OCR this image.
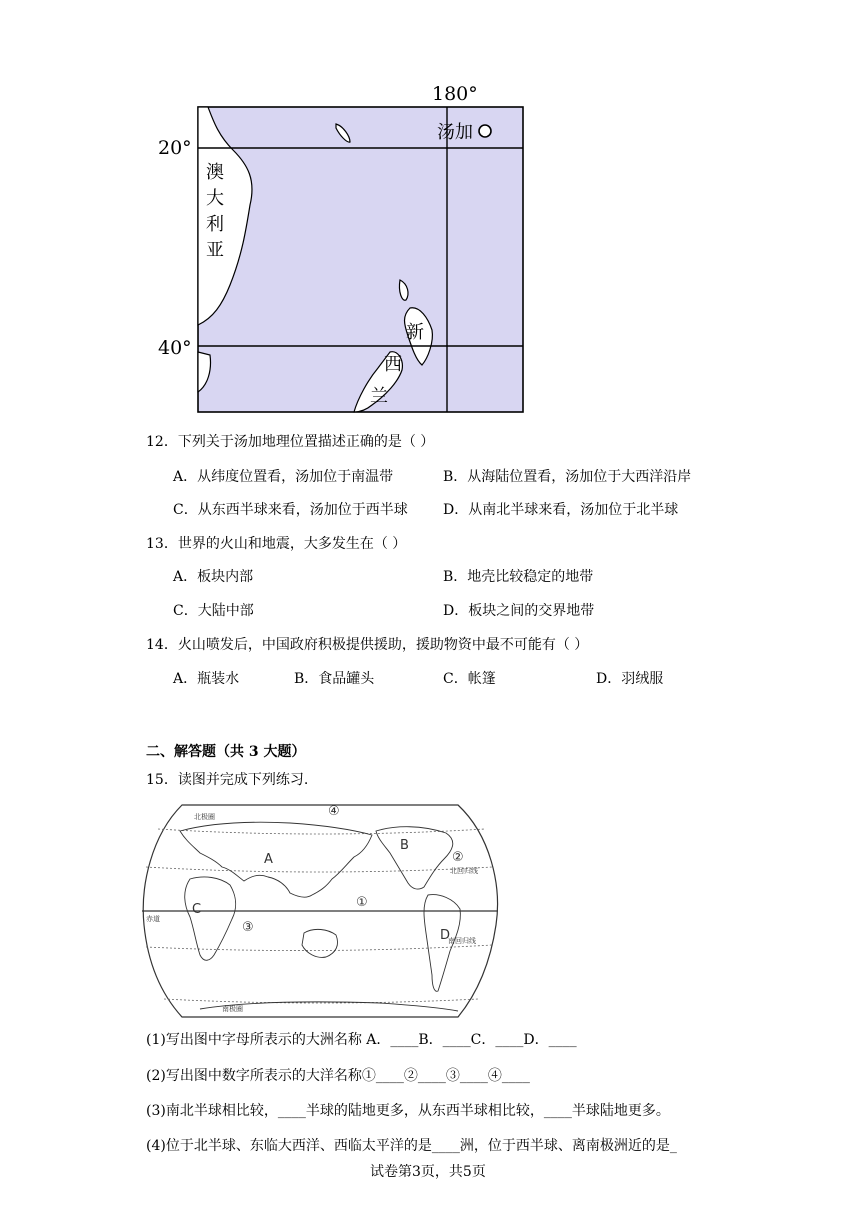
180°
汤加
澳
大
利
亚
新
西
兰
20°
40°
12．下列关于汤加地理位置描述正确的是（ ）
A．从纬度位置看，汤加位于南温带	B．从海陆位置看，汤加位于大西洋沿岸
C．从东西半球来看，汤加位于西半球	D．从南北半球来看，汤加位于北半球
13．世界的火山和地震，大多发生在（ ）
A．板块内部	B．地壳比较稳定的地带
C．大陆中部	D．板块之间的交界地带
14．火山喷发后，中国政府积极提供援助，援助物资中最不可能有（ ）
A．瓶装水	B．食品罐头	C．帐篷	D．羽绒服
二、解答题（共 3 大题）
15．读图并完成下列练习.
北极圈
北回归线
赤道
南回归线
南极圈
A
B
C
D
①
②
③
④
(1)写出图中字母所表示的大洲名称 A．____B．____C．____D．____
(2)写出图中数字所表示的大洋名称①____②____③____④____
(3)南北半球相比较，____半球的陆地更多，从东西半球相比较，____半球陆地更多。
(4)位于北半球、东临大西洋、西临太平洋的是____洲，位于西半球、离南极洲近的是_
试卷第3页，共5页
